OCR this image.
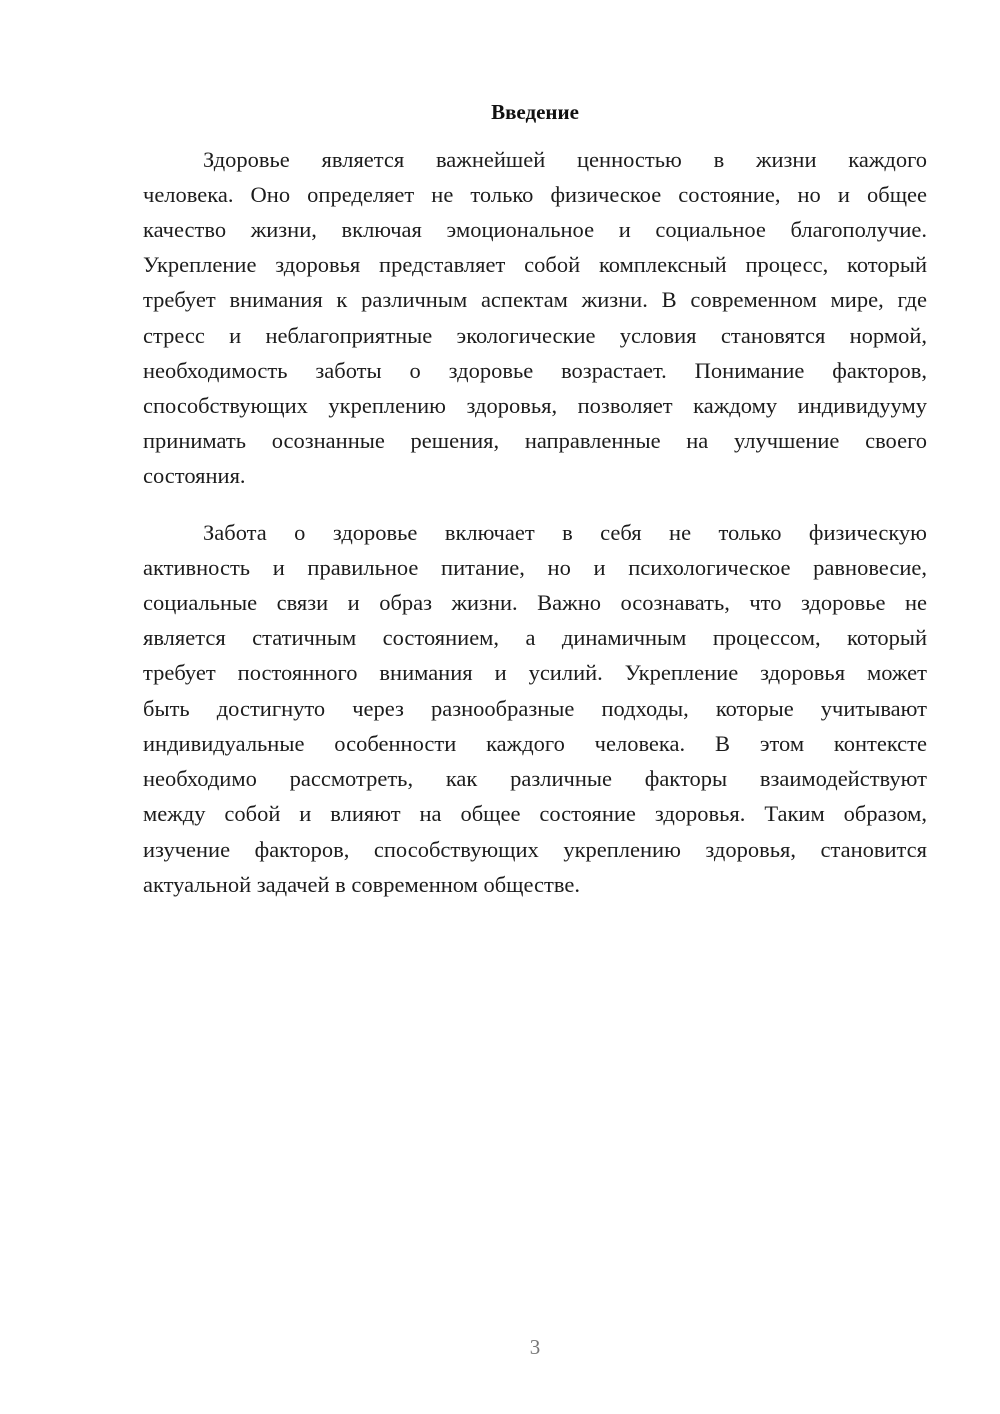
Введение
Здоровье является важнейшей ценностью в жизни каждого
человека. Оно определяет не только физическое состояние, но и общее
качество жизни, включая эмоциональное и социальное благополучие.
Укрепление здоровья представляет собой комплексный процесс, который
требует внимания к различным аспектам жизни. В современном мире, где
стресс и неблагоприятные экологические условия становятся нормой,
необходимость заботы о здоровье возрастает. Понимание факторов,
способствующих укреплению здоровья, позволяет каждому индивидууму
принимать осознанные решения, направленные на улучшение своего
состояния.
Забота о здоровье включает в себя не только физическую
активность и правильное питание, но и психологическое равновесие,
социальные связи и образ жизни. Важно осознавать, что здоровье не
является статичным состоянием, а динамичным процессом, который
требует постоянного внимания и усилий. Укрепление здоровья может
быть достигнуто через разнообразные подходы, которые учитывают
индивидуальные особенности каждого человека. В этом контексте
необходимо рассмотреть, как различные факторы взаимодействуют
между собой и влияют на общее состояние здоровья. Таким образом,
изучение факторов, способствующих укреплению здоровья, становится
актуальной задачей в современном обществе.
3
